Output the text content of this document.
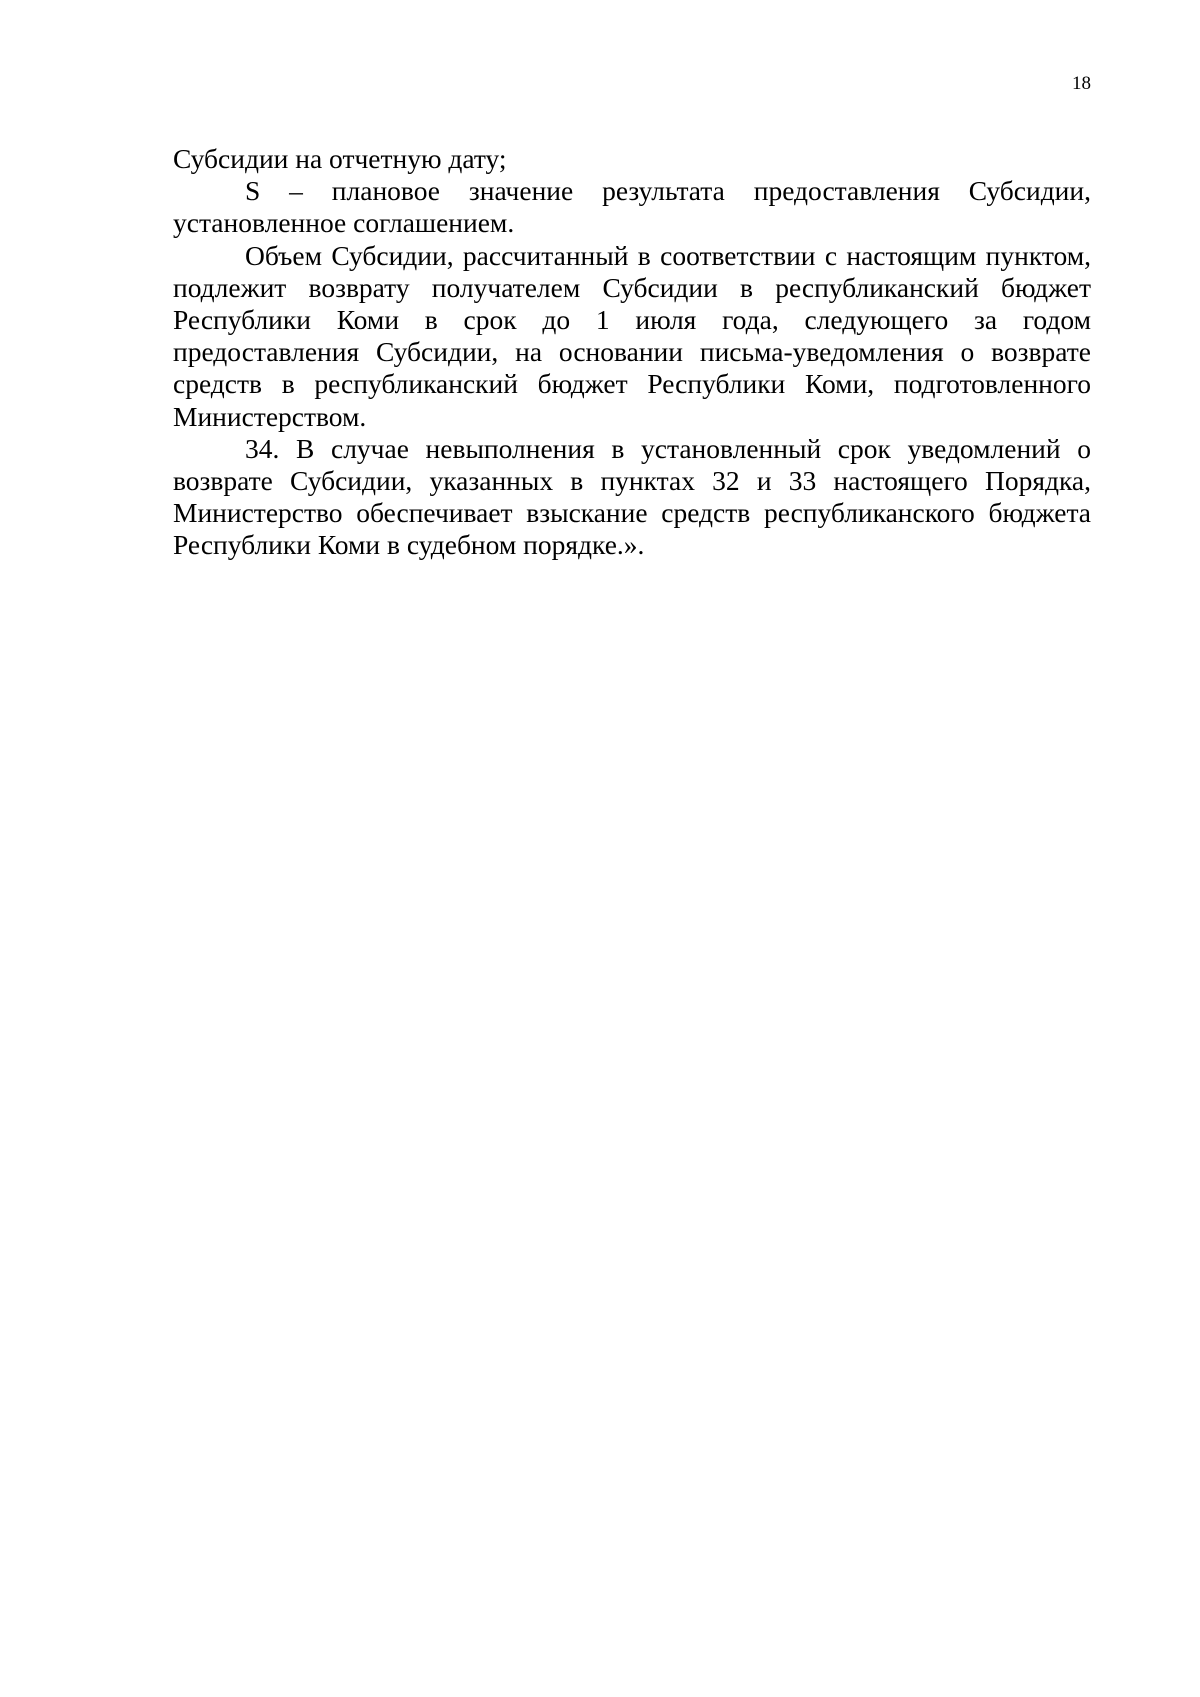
18

Субсидии на отчетную дату;

S – плановое значение результата предоставления Субсидии, установленное соглашением.

Объем Субсидии, рассчитанный в соответствии с настоящим пунктом, подлежит возврату получателем Субсидии в республиканский бюджет Республики Коми в срок до 1 июля года, следующего за годом предоставления Субсидии, на основании письма-уведомления о возврате средств в республиканский бюджет Республики Коми, подготовленного Министерством.

34. В случае невыполнения в установленный срок уведомлений о возврате Субсидии, указанных в пунктах 32 и 33 настоящего Порядка, Министерство обеспечивает взыскание средств республиканского бюджета Республики Коми в судебном порядке.».
